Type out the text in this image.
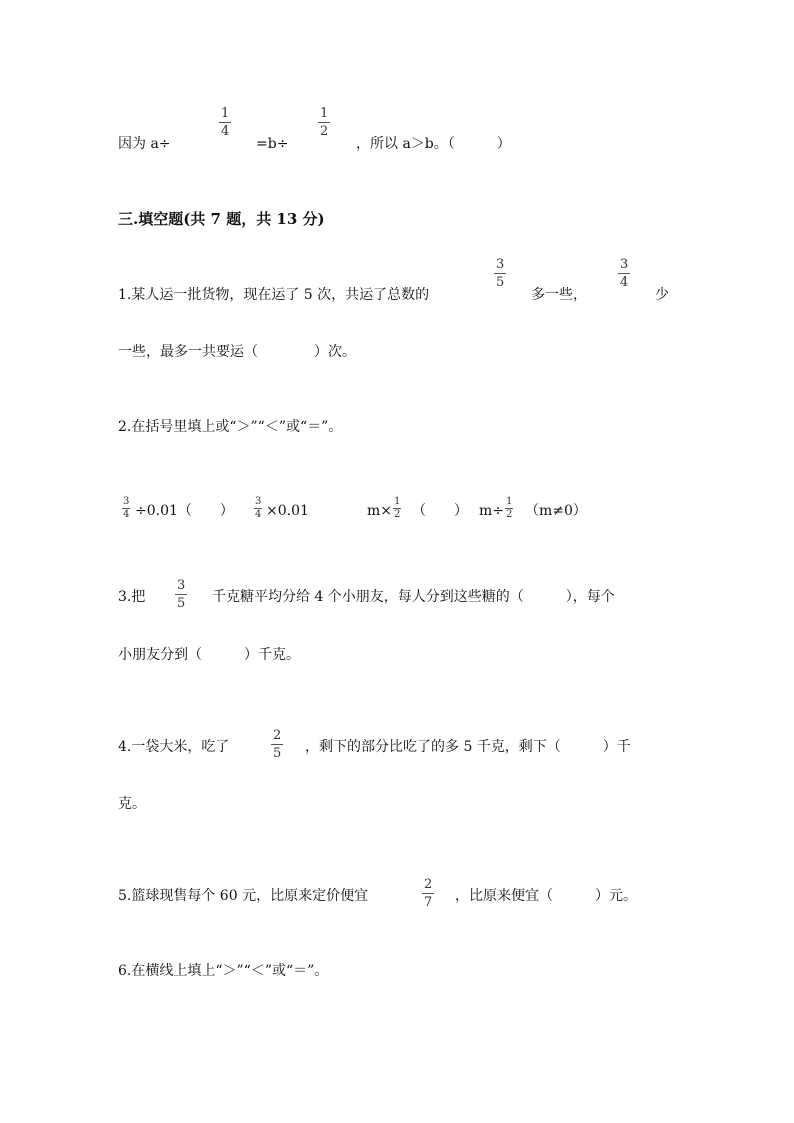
因为 a÷
1
4
=b÷
1
2
，所以 a＞b。（　　　）
三.填空题(共 7 题，共 13 分)
1.某人运一批货物，现在运了 5 次，共运了总数的
3
5
多一些，
3
4
少
一些，最多一共要运（　　　　）次。
2.在括号里填上或“＞”“＜”或“＝”。
3
4 ÷0.01（　　）
3
4 ×0.01	m×
1
2 （　　） m÷
1
2 （m≠0）
3.把
3
5 千克糖平均分给 4 个小朋友，每人分到这些糖的（　　　），每个
小朋友分到（　　　）千克。
4.一袋大米，吃了
2
5 ，剩下的部分比吃了的多 5 千克，剩下（　　　）千
克。
5.篮球现售每个 60 元，比原来定价便宜
2
7 ，比原来便宜（　　　）元。
6.在横线上填上“＞”“＜”或“＝”。
